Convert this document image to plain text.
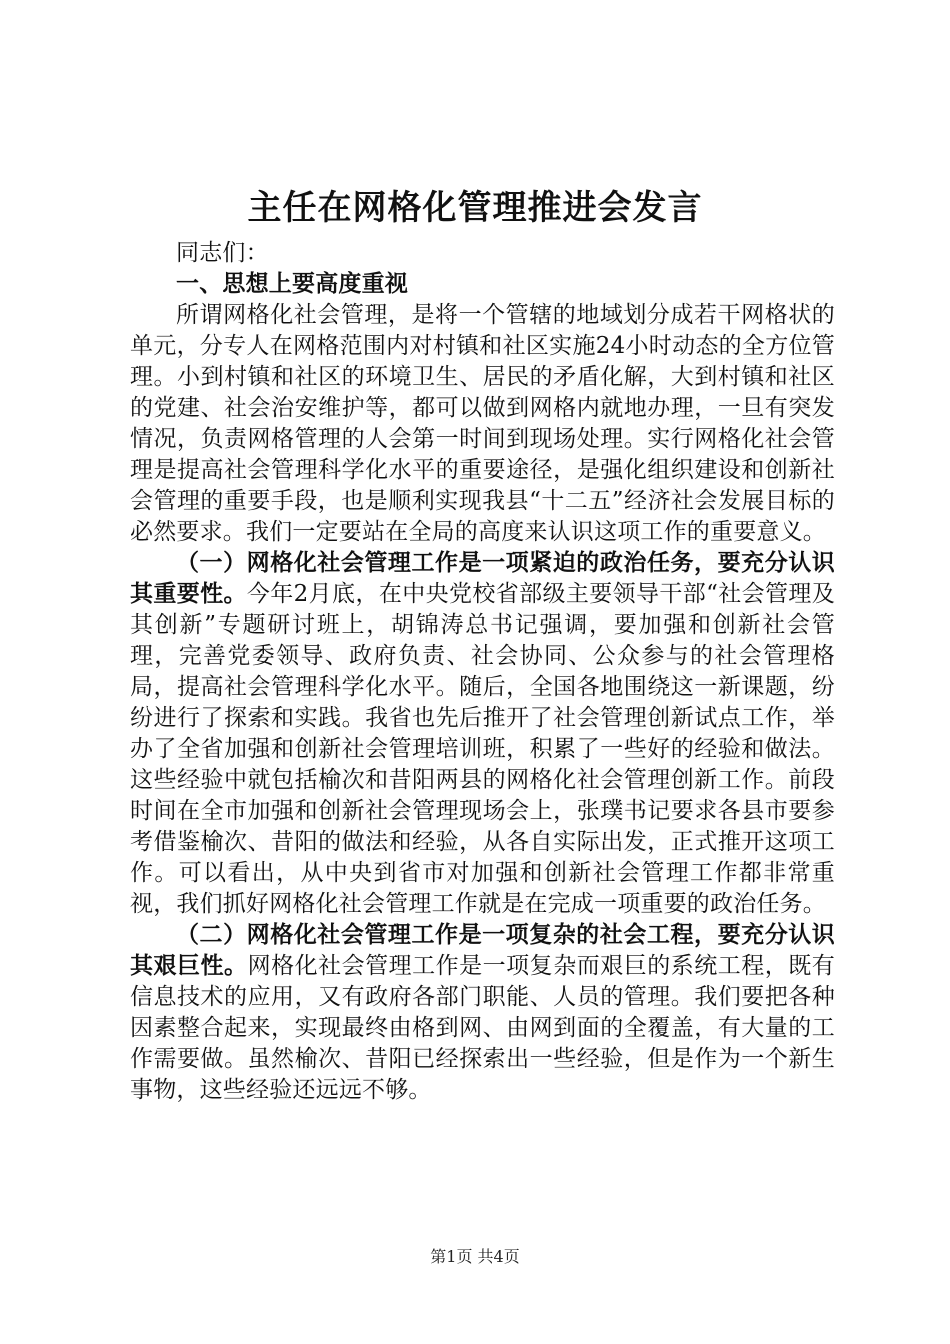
主任在网格化管理推进会发言

同志们：

一、思想上要高度重视

所谓网格化社会管理，是将一个管辖的地域划分成若干网格状的单元，分专人在网格范围内对村镇和社区实施24小时动态的全方位管理。小到村镇和社区的环境卫生、居民的矛盾化解，大到村镇和社区的党建、社会治安维护等，都可以做到网格内就地办理，一旦有突发情况，负责网格管理的人会第一时间到现场处理。实行网格化社会管理是提高社会管理科学化水平的重要途径，是强化组织建设和创新社会管理的重要手段，也是顺利实现我县“十二五”经济社会发展目标的必然要求。我们一定要站在全局的高度来认识这项工作的重要意义。

（一）网格化社会管理工作是一项紧迫的政治任务，要充分认识其重要性。今年2月底，在中央党校省部级主要领导干部“社会管理及其创新”专题研讨班上，胡锦涛总书记强调，要加强和创新社会管理，完善党委领导、政府负责、社会协同、公众参与的社会管理格局，提高社会管理科学化水平。随后，全国各地围绕这一新课题，纷纷进行了探索和实践。我省也先后推开了社会管理创新试点工作，举办了全省加强和创新社会管理培训班，积累了一些好的经验和做法。这些经验中就包括榆次和昔阳两县的网格化社会管理创新工作。前段时间在全市加强和创新社会管理现场会上，张璞书记要求各县市要参考借鉴榆次、昔阳的做法和经验，从各自实际出发，正式推开这项工作。可以看出，从中央到省市对加强和创新社会管理工作都非常重视，我们抓好网格化社会管理工作就是在完成一项重要的政治任务。

（二）网格化社会管理工作是一项复杂的社会工程，要充分认识其艰巨性。网格化社会管理工作是一项复杂而艰巨的系统工程，既有信息技术的应用，又有政府各部门职能、人员的管理。我们要把各种因素整合起来，实现最终由格到网、由网到面的全覆盖，有大量的工作需要做。虽然榆次、昔阳已经探索出一些经验，但是作为一个新生事物，这些经验还远远不够。

第1页 共4页
